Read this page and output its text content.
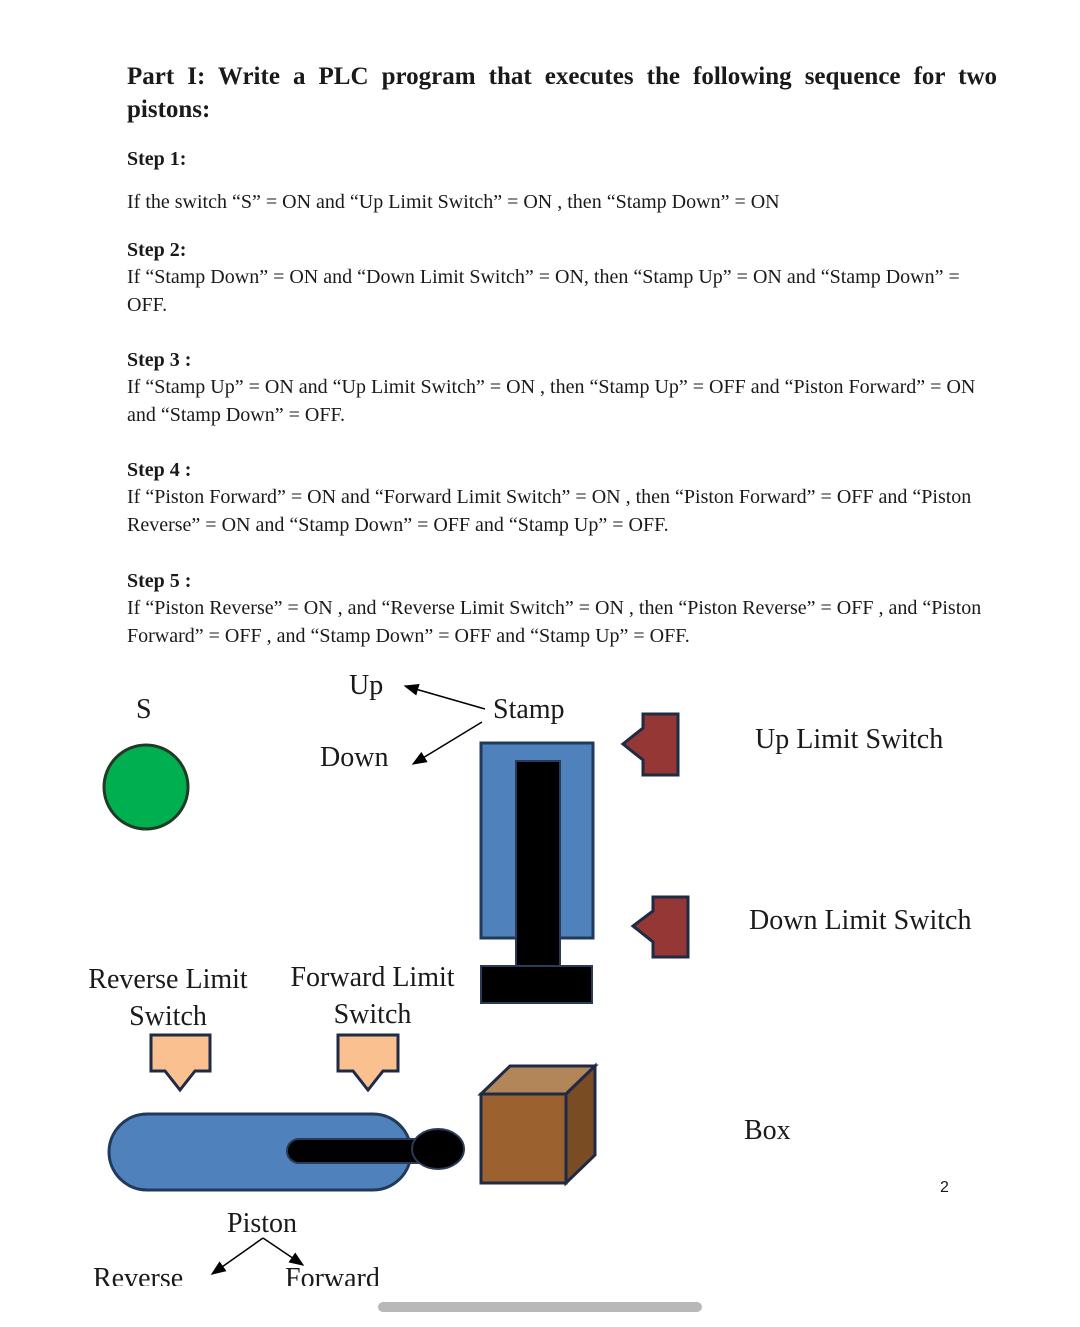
Part I: Write a PLC program that executes the following sequence for two pistons:

Step 1:

If the switch “S” = ON and “Up Limit Switch” = ON , then “Stamp Down” = ON

Step 2:

If “Stamp Down” = ON and “Down Limit Switch” = ON, then “Stamp Up” = ON and “Stamp Down” = OFF.

Step 3 :

If “Stamp Up” = ON and “Up Limit Switch” = ON , then “Stamp Up” = OFF and “Piston Forward” = ON and “Stamp Down” = OFF.

Step 4 :

If “Piston Forward” = ON and “Forward Limit Switch” = ON , then “Piston Forward” = OFF and “Piston Reverse” = ON and “Stamp Down” = OFF and “Stamp Up” = OFF.

Step 5 :

If “Piston Reverse” = ON , and “Reverse Limit Switch” = ON , then “Piston Reverse” = OFF , and “Piston Forward” = OFF , and “Stamp Down” = OFF and “Stamp Up” = OFF.

S
Up
Down
Stamp
Up Limit Switch
Down Limit Switch
Reverse Limit Switch
Forward Limit Switch
Box
Piston
Reverse	Forward
2
